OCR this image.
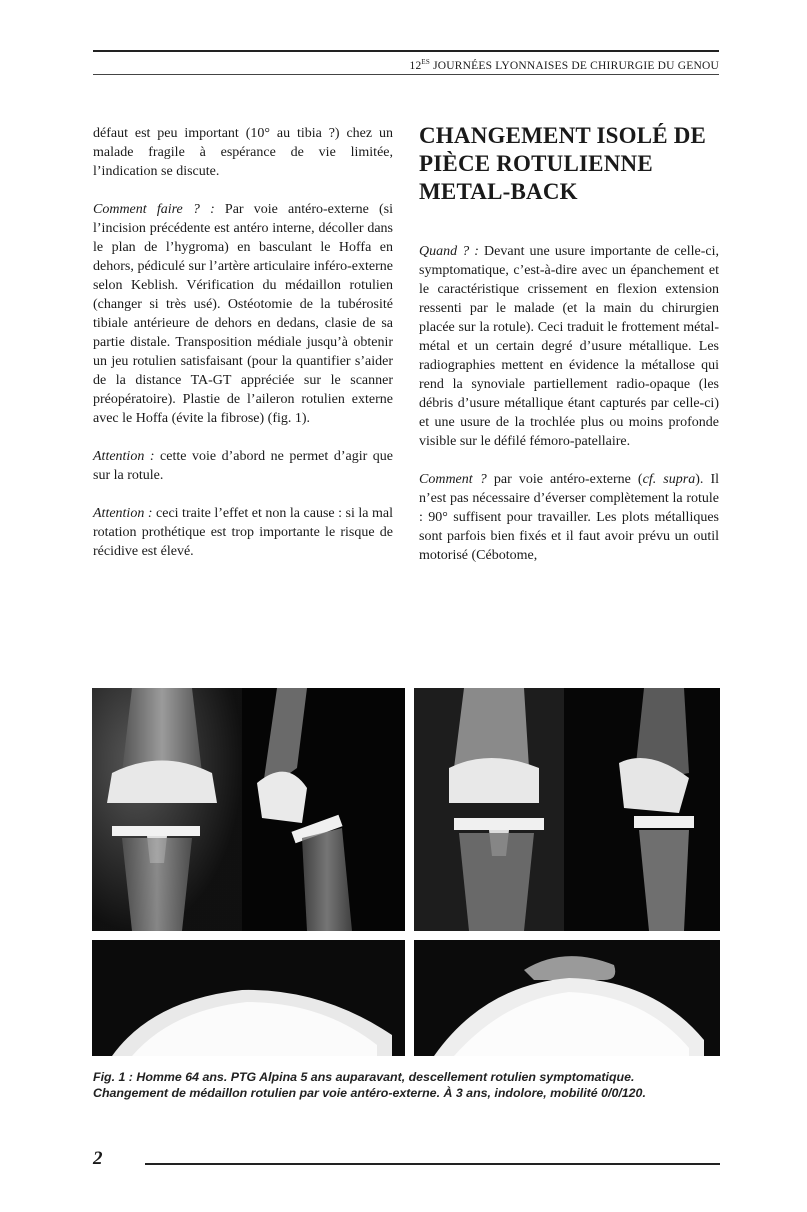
$12^{ES}$ JOURNÉES LYONNAISES DE CHIRURGIE DU GENOU

défaut est peu important (10° au tibia ?) chez un malade fragile à espérance de vie limitée, l’indication se discute.

Comment faire ? : Par voie antéro-externe (si l’incision précédente est antéro interne, décoller dans le plan de l’hygroma) en basculant le Hoffa en dehors, pédiculé sur l’artère articulaire inféro-externe selon Keblish. Vérification du médaillon rotulien (changer si très usé). Ostéotomie de la tubérosité tibiale antérieure de dehors en dedans, clasie de sa partie distale. Transposition médiale jusqu’à obtenir un jeu rotulien satisfaisant (pour la quantifier s’aider de la distance TA-GT appréciée sur le scanner préopératoire). Plastie de l’aileron rotulien externe avec le Hoffa (évite la fibrose) (fig. 1).

Attention : cette voie d’abord ne permet d’agir que sur la rotule.

Attention : ceci traite l’effet et non la cause : si la mal rotation prothétique est trop importante le risque de récidive est élevé.

CHANGEMENT ISOLÉ DE
PIÈCE ROTULIENNE
METAL-BACK

Quand ? : Devant une usure importante de celle-ci, symptomatique, c’est-à-dire avec un épanchement et le caractéristique crissement en flexion extension ressenti par le malade (et la main du chirurgien placée sur la rotule). Ceci traduit le frottement métal-métal et un certain degré d’usure métallique. Les radiographies mettent en évidence la métallose qui rend la synoviale partiellement radio-opaque (les débris d’usure métallique étant capturés par celle-ci) et une usure de la trochlée plus ou moins profonde visible sur le défilé fémoro-patellaire.

Comment ? par voie antéro-externe (cf. supra). Il n’est pas nécessaire d’éverser complètement la rotule : 90° suffisent pour travailler. Les plots métalliques sont parfois bien fixés et il faut avoir prévu un outil motorisé (Cébotome,

Fig. 1 : Homme 64 ans. PTG Alpina 5 ans auparavant, descellement rotulien symptomatique.
Changement de médaillon rotulien par voie antéro-externe. À 3 ans, indolore, mobilité 0/0/120.
2
